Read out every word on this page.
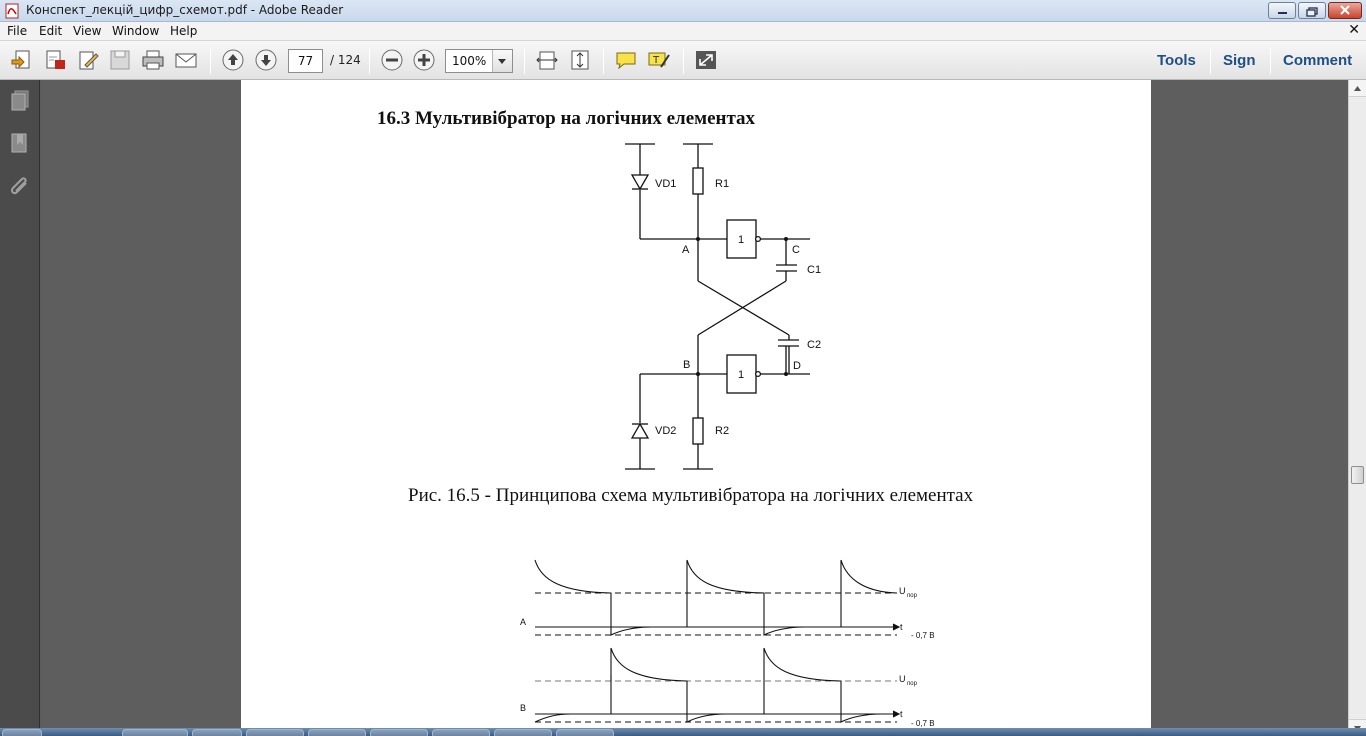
Конспект_лекцій_цифр_схемот.pdf - Adobe Reader
File Edit View Window Help	✕
77	/ 124	100%	T	Tools Sign Comment
16.3 Мультивібратор на логічних елементах
VD1	R1
A
1
C
C1
C2
B
1
D
VD2	R2
Рис. 16.5 - Принципова схема мультивібратора на логічних елементах
U пор
A	t
- 0,7 В
U пор
B
t
- 0,7 В
